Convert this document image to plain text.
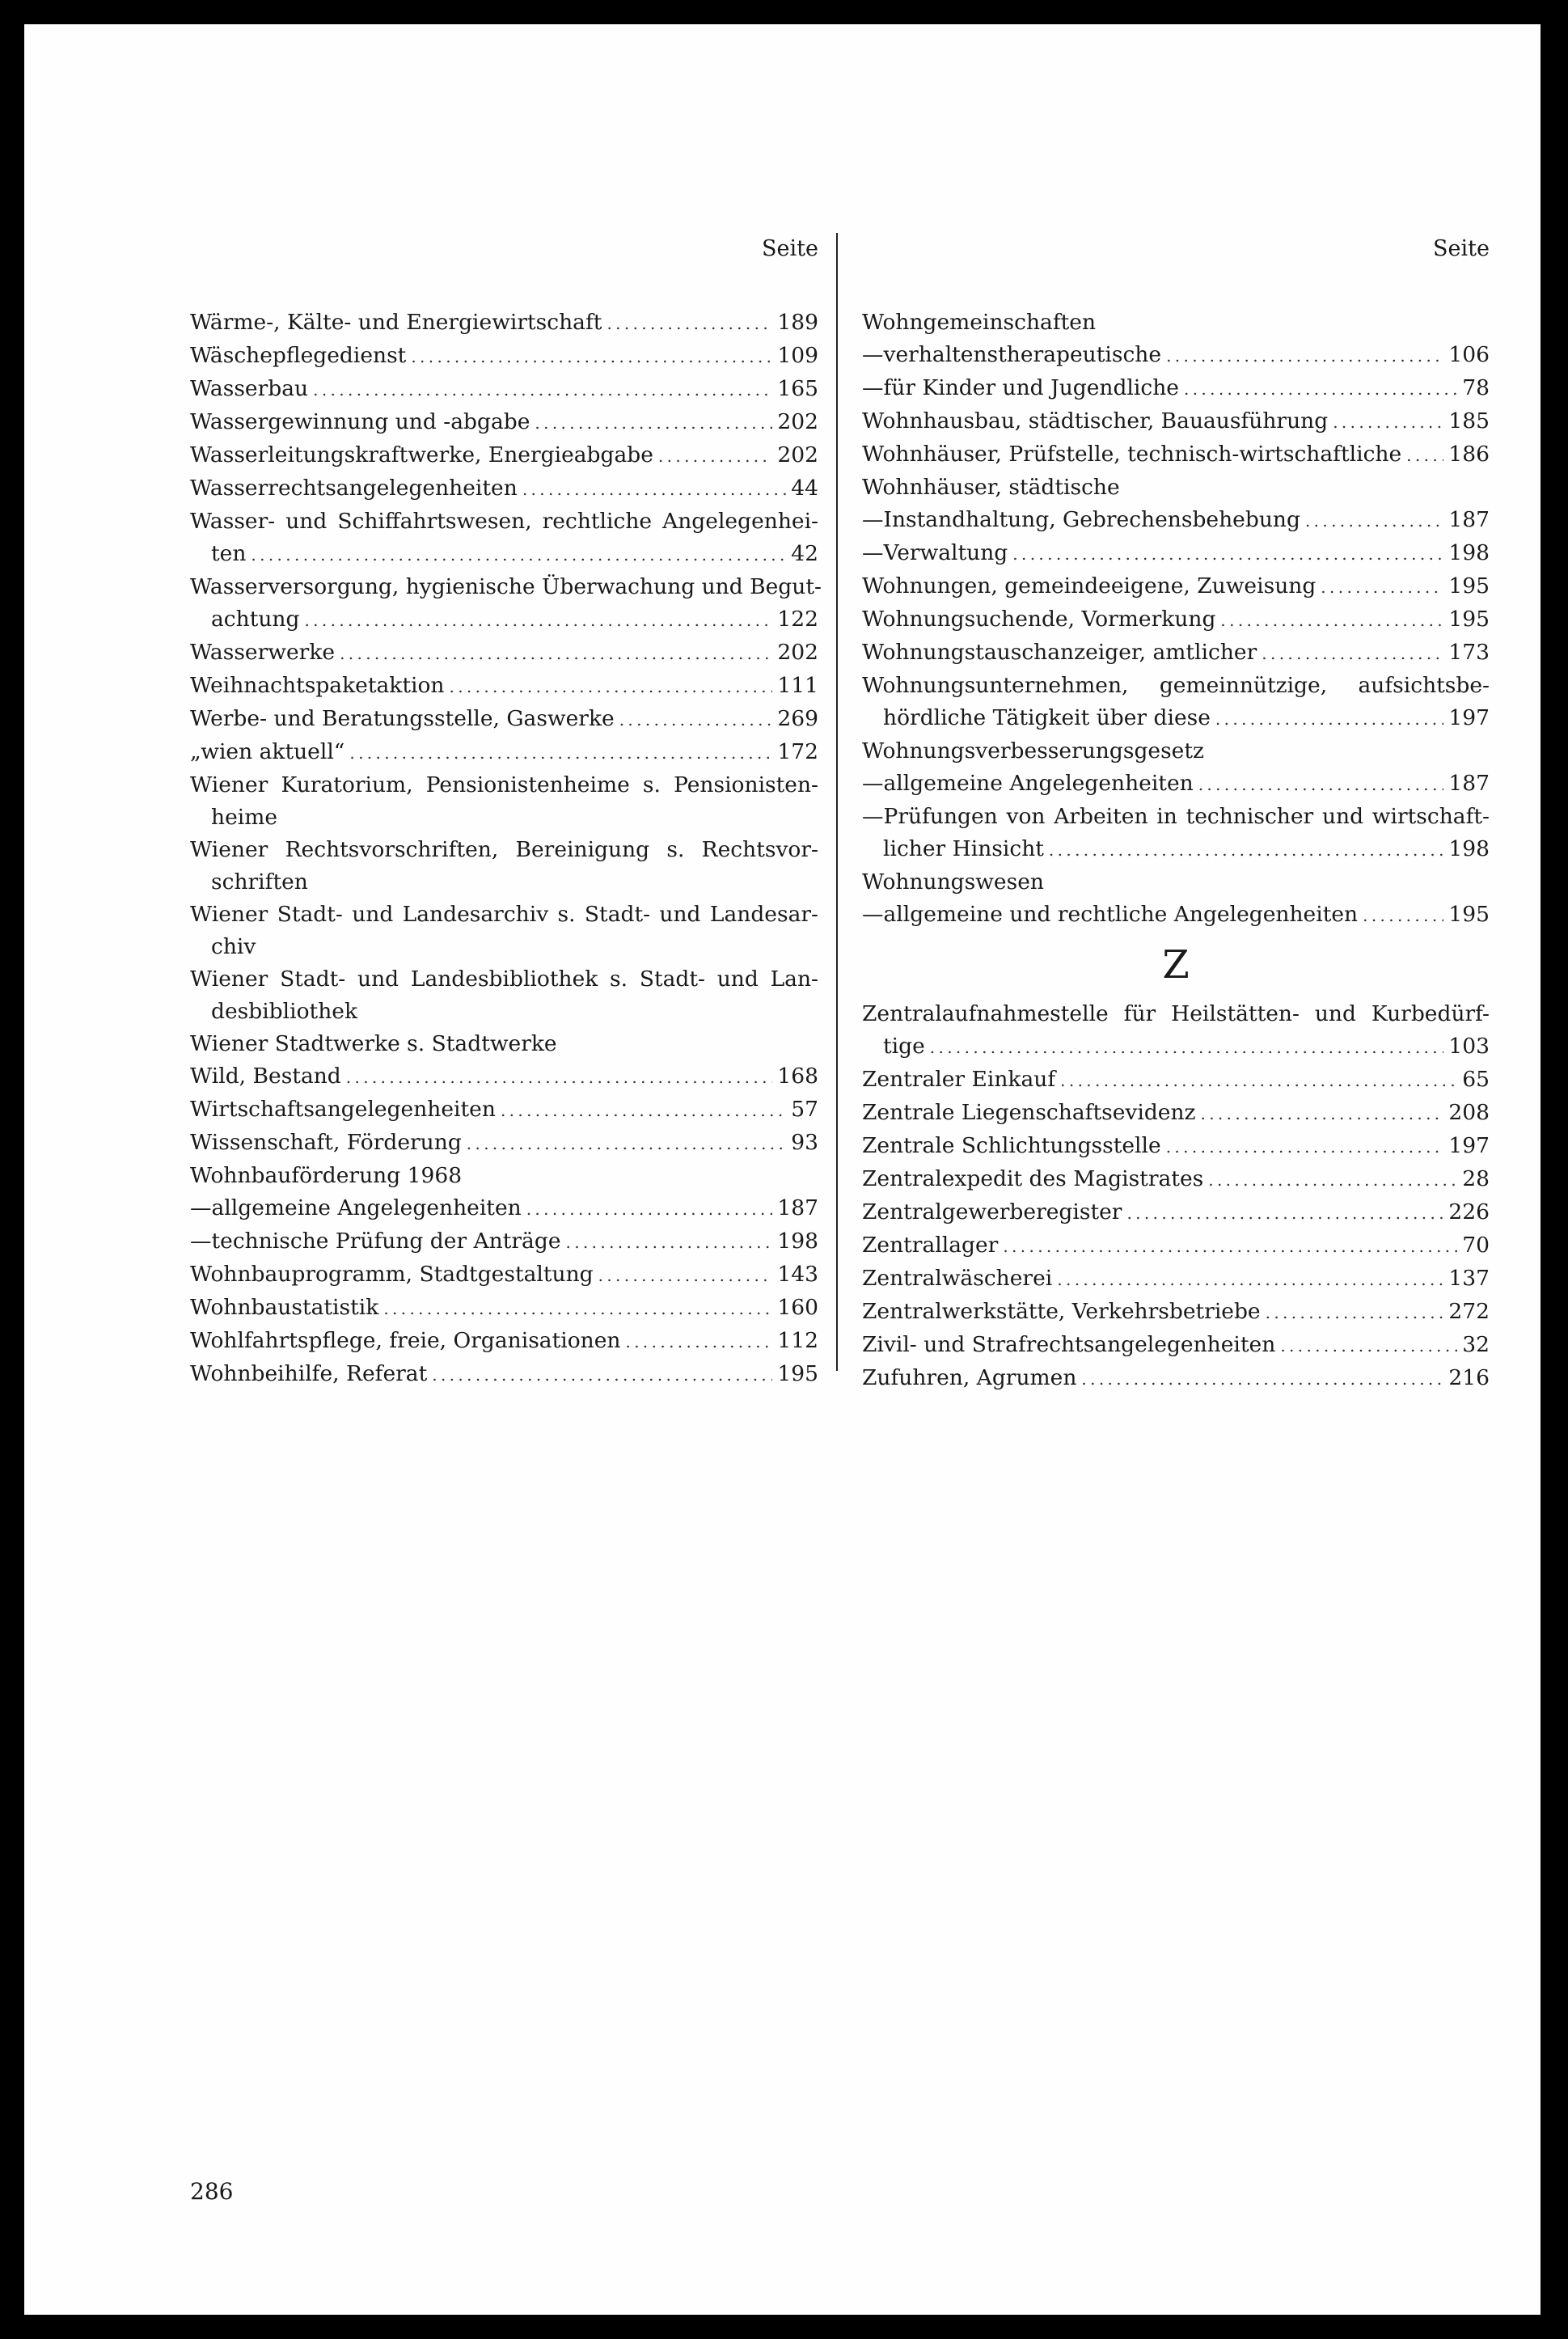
Seite
Wärme-, Kälte- und Energiewirtschaft . . .	189
Wäschepflegedienst . . .	109
Wasserbau . . .	165
Wassergewinnung und -abgabe . . .	202
Wasserleitungskraftwerke, Energieabgabe . . .	202
Wasserrechtsangelegenheiten . . .	44
Wasser- und Schiffahrtswesen, rechtliche Angelegenhei-
ten . . .	42
Wasserversorgung, hygienische Überwachung und Begut-
achtung . . .	122
Wasserwerke . . .	202
Weihnachtspaketaktion . . .	111
Werbe- und Beratungsstelle, Gaswerke . . .	269
„wien aktuell“ . . .	172
Wiener Kuratorium, Pensionistenheime s. Pensionisten-
heime
Wiener Rechtsvorschriften, Bereinigung s. Rechtsvor-
schriften
Wiener Stadt- und Landesarchiv s. Stadt- und Landesar-
chiv
Wiener Stadt- und Landesbibliothek s. Stadt- und Lan-
desbibliothek
Wiener Stadtwerke s. Stadtwerke
Wild, Bestand . . .	168
Wirtschaftsangelegenheiten . . .	57
Wissenschaft, Förderung . . .	93
Wohnbauförderung 1968
—allgemeine Angelegenheiten . . .	187
—technische Prüfung der Anträge . . .	198
Wohnbauprogramm, Stadtgestaltung . . .	143
Wohnbaustatistik . . .	160
Wohlfahrtspflege, freie, Organisationen . . .	112
Wohnbeihilfe, Referat . . .	195
Seite
Wohngemeinschaften
—verhaltenstherapeutische . . .	106
—für Kinder und Jugendliche . . .	78
Wohnhausbau, städtischer, Bauausführung . . .	185
Wohnhäuser, Prüfstelle, technisch-wirtschaftliche . . . 186
Wohnhäuser, städtische
—Instandhaltung, Gebrechensbehebung . . .	187
—Verwaltung . . .	198
Wohnungen, gemeindeeigene, Zuweisung . . .	195
Wohnungsuchende, Vormerkung . . .	195
Wohnungstauschanzeiger, amtlicher . . .	173
Wohnungsunternehmen, gemeinnützige, aufsichtsbe-
hördliche Tätigkeit über diese . . .	197
Wohnungsverbesserungsgesetz
—allgemeine Angelegenheiten . . .	187
—Prüfungen von Arbeiten in technischer und wirtschaft-
licher Hinsicht . . .	198
Wohnungswesen
—allgemeine und rechtliche Angelegenheiten . . .	195
Z
Zentralaufnahmestelle für Heilstätten- und Kurbedürf-
tige . . .	103
Zentraler Einkauf . . .	65
Zentrale Liegenschaftsevidenz . . .	208
Zentrale Schlichtungsstelle . . .	197
Zentralexpedit des Magistrates . . .	28
Zentralgewerberegister . . .	226
Zentrallager . . .	70
Zentralwäscherei . . .	137
Zentralwerkstätte, Verkehrsbetriebe . . .	272
Zivil- und Strafrechtsangelegenheiten . . .	32
Zufuhren, Agrumen . . .	216
286
